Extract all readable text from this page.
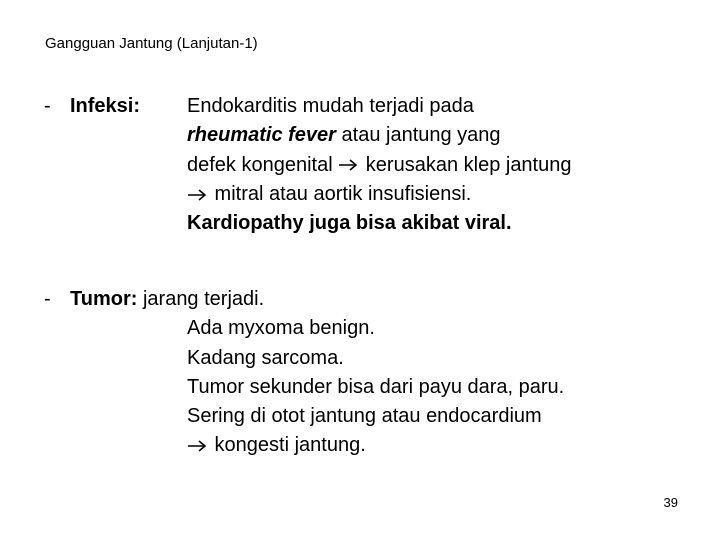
Gangguan Jantung (Lanjutan-1)
- Infeksi: Endokarditis mudah terjadi pada
rheumatic fever atau jantung yang
defek kongenital
kerusakan klep jantung
mitral atau aortik insufisiensi.
Kardiopathy juga bisa akibat viral.
- Tumor: jarang terjadi.
Ada myxoma benign.
Kadang sarcoma.
Tumor sekunder bisa dari payu dara, paru.
Sering di otot jantung atau endocardium
kongesti jantung.
39
